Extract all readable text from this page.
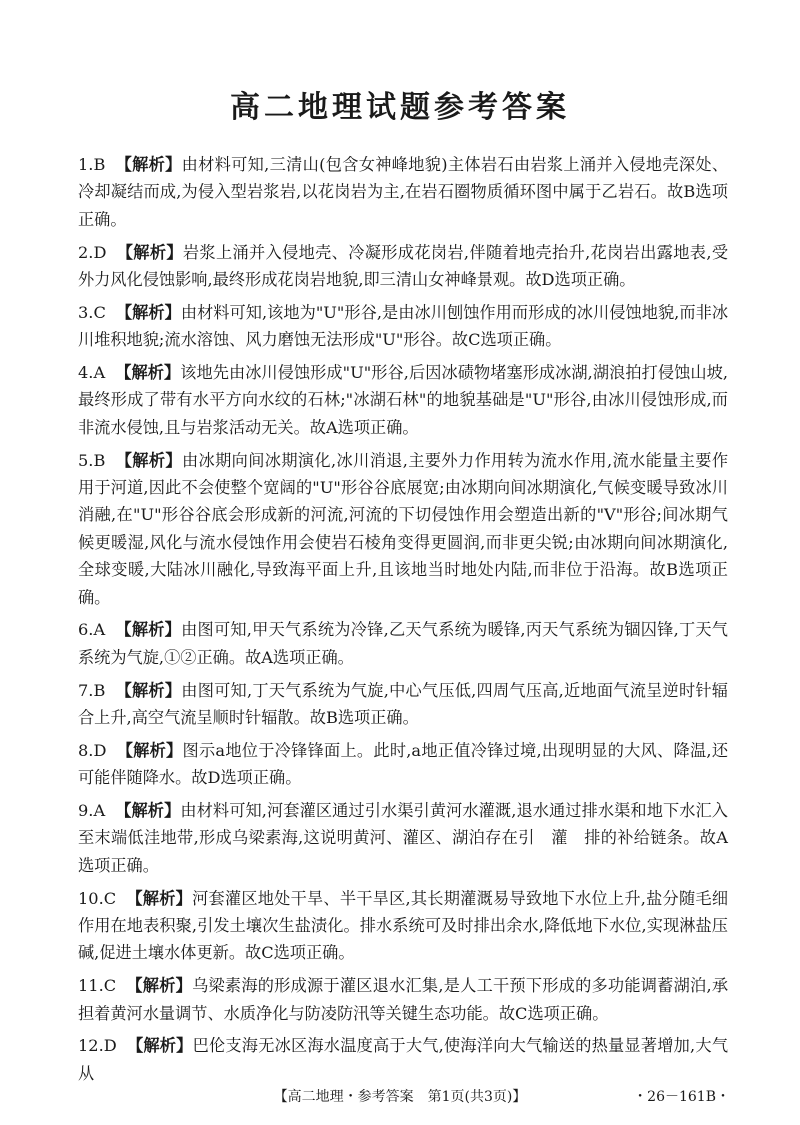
高二地理试题参考答案

1.B 【解析】由材料可知,三清山(包含女神峰地貌)主体岩石由岩浆上涌并入侵地壳深处、冷却凝结而成,为侵入型岩浆岩,以花岗岩为主,在岩石圈物质循环图中属于乙岩石。故B选项正确。

2.D 【解析】岩浆上涌并入侵地壳、冷凝形成花岗岩,伴随着地壳抬升,花岗岩出露地表,受外力风化侵蚀影响,最终形成花岗岩地貌,即三清山女神峰景观。故D选项正确。

3.C 【解析】由材料可知,该地为"U"形谷,是由冰川刨蚀作用而形成的冰川侵蚀地貌,而非冰川堆积地貌;流水溶蚀、风力磨蚀无法形成"U"形谷。故C选项正确。

4.A 【解析】该地先由冰川侵蚀形成"U"形谷,后因冰碛物堵塞形成冰湖,湖浪拍打侵蚀山坡,最终形成了带有水平方向水纹的石林;"冰湖石林"的地貌基础是"U"形谷,由冰川侵蚀形成,而非流水侵蚀,且与岩浆活动无关。故A选项正确。

5.B 【解析】由冰期向间冰期演化,冰川消退,主要外力作用转为流水作用,流水能量主要作用于河道,因此不会使整个宽阔的"U"形谷谷底展宽;由冰期向间冰期演化,气候变暖导致冰川消融,在"U"形谷谷底会形成新的河流,河流的下切侵蚀作用会塑造出新的"V"形谷;间冰期气候更暖湿,风化与流水侵蚀作用会使岩石棱角变得更圆润,而非更尖锐;由冰期向间冰期演化,全球变暖,大陆冰川融化,导致海平面上升,且该地当时地处内陆,而非位于沿海。故B选项正确。

6.A 【解析】由图可知,甲天气系统为冷锋,乙天气系统为暖锋,丙天气系统为锢囚锋,丁天气系统为气旋,①②正确。故A选项正确。

7.B 【解析】由图可知,丁天气系统为气旋,中心气压低,四周气压高,近地面气流呈逆时针辐合上升,高空气流呈顺时针辐散。故B选项正确。

8.D 【解析】图示a地位于冷锋锋面上。此时,a地正值冷锋过境,出现明显的大风、降温,还可能伴随降水。故D选项正确。

9.A 【解析】由材料可知,河套灌区通过引水渠引黄河水灌溉,退水通过排水渠和地下水汇入至末端低洼地带,形成乌梁素海,这说明黄河、灌区、湖泊存在引　灌　排的补给链条。故A选项正确。

10.C 【解析】河套灌区地处干旱、半干旱区,其长期灌溉易导致地下水位上升,盐分随毛细作用在地表积聚,引发土壤次生盐渍化。排水系统可及时排出余水,降低地下水位,实现淋盐压碱,促进土壤水体更新。故C选项正确。

11.C 【解析】乌梁素海的形成源于灌区退水汇集,是人工干预下形成的多功能调蓄湖泊,承担着黄河水量调节、水质净化与防凌防汛等关键生态功能。故C选项正确。

12.D 【解析】巴伦支海无冰区海水温度高于大气,使海洋向大气输送的热量显著增加,大气从

【高二地理・参考答案　第1页(共3页)】	・26－161B・
